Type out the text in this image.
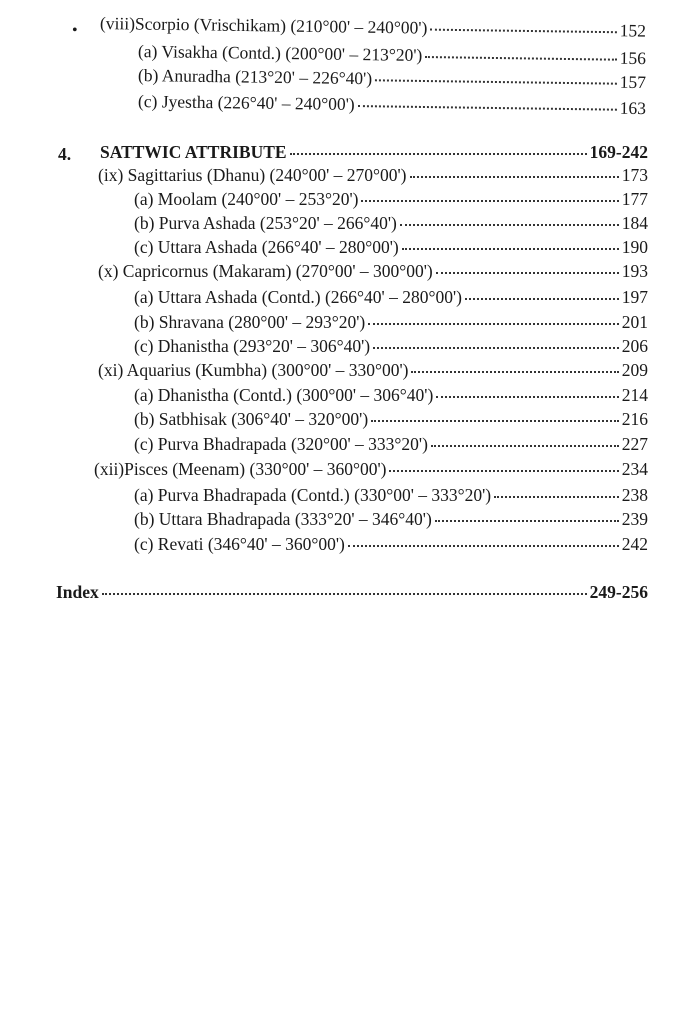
• (viii)Scorpio (Vrischikam) (210°00' – 240°00')	152
(a) Visakha (Contd.) (200°00' – 213°20')	156
(b) Anuradha (213°20' – 226°40')	157
(c) Jyestha (226°40' – 240°00')	163
4. SATTWIC ATTRIBUTE	169-242
(ix) Sagittarius (Dhanu) (240°00' – 270°00')	173
(a) Moolam (240°00' – 253°20')	177
(b) Purva Ashada (253°20' – 266°40')	184
(c) Uttara Ashada (266°40' – 280°00')	190
(x) Capricornus (Makaram) (270°00' – 300°00')	193
(a) Uttara Ashada (Contd.) (266°40' – 280°00')	197
(b) Shravana (280°00' – 293°20')	201
(c) Dhanistha (293°20' – 306°40')	206
(xi) Aquarius (Kumbha) (300°00' – 330°00')	209
(a) Dhanistha (Contd.) (300°00' – 306°40')	214
(b) Satbhisak (306°40' – 320°00')	216
(c) Purva Bhadrapada (320°00' – 333°20')	227
(xii)Pisces (Meenam) (330°00' – 360°00')	234
(a) Purva Bhadrapada (Contd.) (330°00' – 333°20')	238
(b) Uttara Bhadrapada (333°20' – 346°40')	239
(c) Revati (346°40' – 360°00')	242
Index	249-256
